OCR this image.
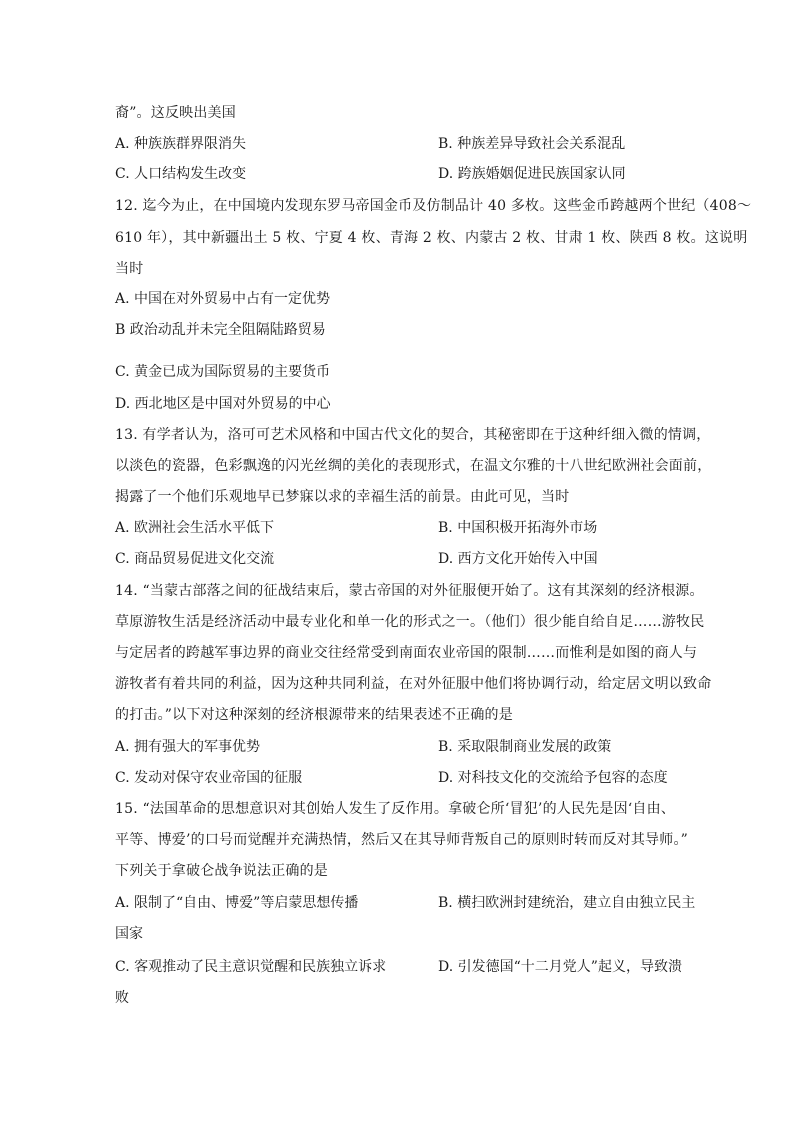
裔”。这反映出美国
A. 种族族群界限消失	B. 种族差异导致社会关系混乱
C. 人口结构发生改变	D. 跨族婚姻促进民族国家认同
12. 迄今为止，在中国境内发现东罗马帝国金币及仿制品计 40 多枚。这些金币跨越两个世纪（408～
610 年），其中新疆出土 5 枚、宁夏 4 枚、青海 2 枚、内蒙古 2 枚、甘肃 1 枚、陕西 8 枚。这说明
当时
A. 中国在对外贸易中占有一定优势
B 政治动乱并未完全阻隔陆路贸易
C. 黄金已成为国际贸易的主要货币
D. 西北地区是中国对外贸易的中心
13. 有学者认为，洛可可艺术风格和中国古代文化的契合，其秘密即在于这种纤细入微的情调，
以淡色的瓷器，色彩飘逸的闪光丝绸的美化的表现形式，在温文尔雅的十八世纪欧洲社会面前，
揭露了一个他们乐观地早已梦寐以求的幸福生活的前景。由此可见，当时
A. 欧洲社会生活水平低下	B. 中国积极开拓海外市场
C. 商品贸易促进文化交流	D. 西方文化开始传入中国
14. “当蒙古部落之间的征战结束后，蒙古帝国的对外征服便开始了。这有其深刻的经济根源。
草原游牧生活是经济活动中最专业化和单一化的形式之一。（他们）很少能自给自足……游牧民
与定居者的跨越军事边界的商业交往经常受到南面农业帝国的限制……而惟利是如图的商人与
游牧者有着共同的利益，因为这种共同利益，在对外征服中他们将协调行动，给定居文明以致命
的打击。”以下对这种深刻的经济根源带来的结果表述不正确的是
A. 拥有强大的军事优势	B. 采取限制商业发展的政策
C. 发动对保守农业帝国的征服	D. 对科技文化的交流给予包容的态度
15. “法国革命的思想意识对其创始人发生了反作用。拿破仑所‘冒犯’的人民先是因‘自由、
平等、博爱’的口号而觉醒并充满热情，然后又在其导师背叛自己的原则时转而反对其导师。”
下列关于拿破仑战争说法正确的是
A. 限制了“自由、博爱”等启蒙思想传播	B. 横扫欧洲封建统治，建立自由独立民主
国家
C. 客观推动了民主意识觉醒和民族独立诉求	D. 引发德国“十二月党人”起义，导致溃
败
